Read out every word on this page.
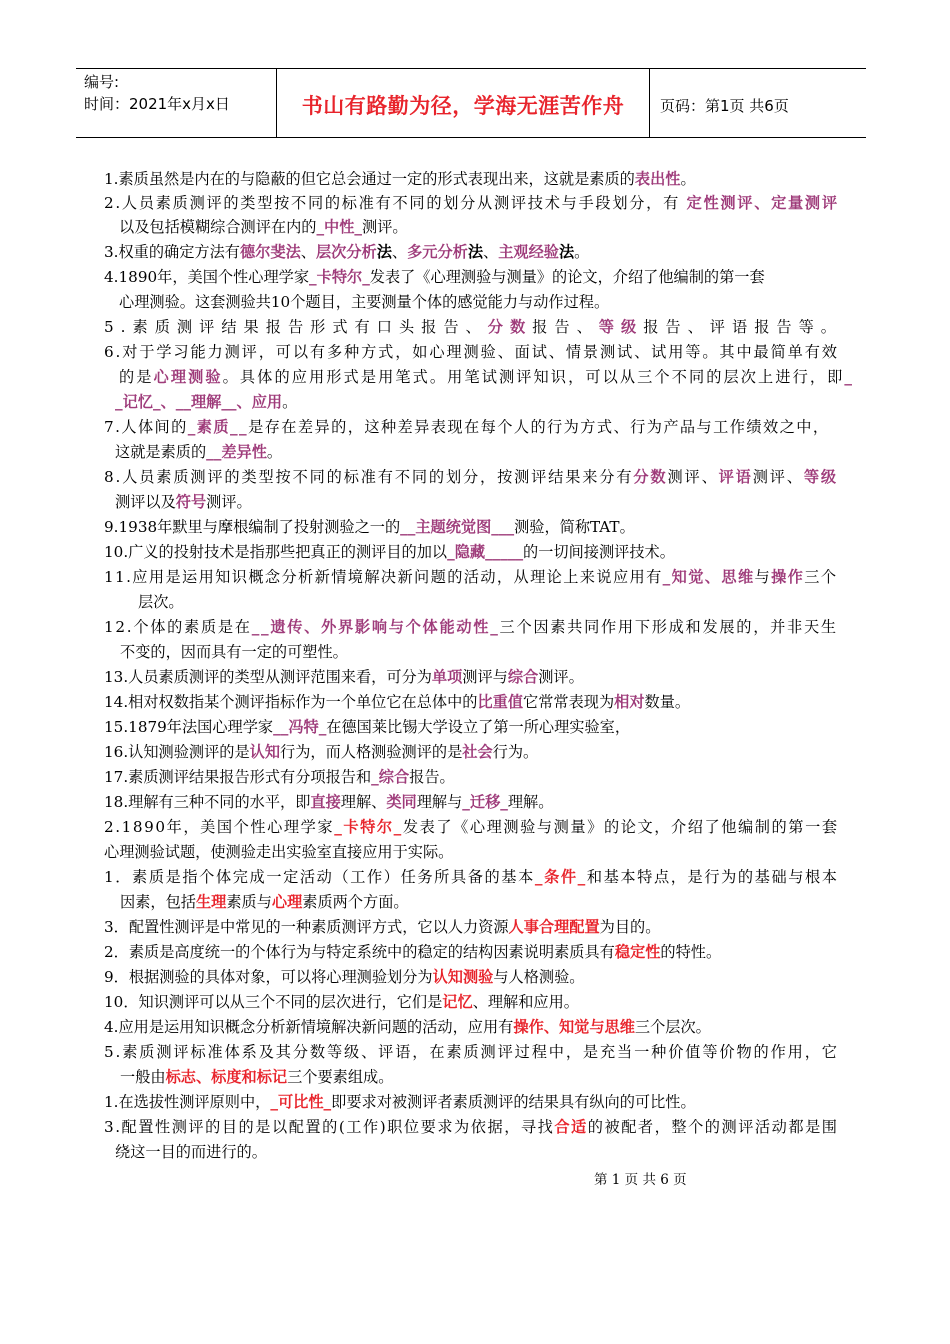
编号:
时间：2021年x月x日	书山有路勤为径，学海无涯苦作舟	页码：第1页 共6页
1.素质虽然是内在的与隐蔽的但它总会通过一定的形式表现出来，这就是素质的表出性。
2.人员素质测评的类型按不同的标准有不同的划分从测评技术与手段划分，有 定性测评、定量测评
以及包括模糊综合测评在内的_中性_测评。
3.权重的确定方法有德尔斐法、层次分析法、多元分析法、主观经验法。
4.1890年，美国个性心理学家_卡特尔_发表了《心理测验与测量》的论文，介绍了他编制的第一套
心理测验。这套测验共10个题目，主要测量个体的感觉能力与动作过程。
5.素质测评结果报告形式有口头报告、分数报告、等级报告、评语报告等。
6.对于学习能力测评，可以有多种方式，如心理测验、面试、情景测试、试用等。其中最简单有效
的是心理测验。具体的应用形式是用笔式。用笔试测评知识，可以从三个不同的层次上进行，即_
_记忆_、__理解__、应用。
7.人体间的_素质__是存在差异的，这种差异表现在每个人的行为方式、行为产品与工作绩效之中，
这就是素质的__差异性。
8.人员素质测评的类型按不同的标准有不同的划分，按测评结果来分有分数测评、评语测评、等级
测评以及符号测评。
9.1938年默里与摩根编制了投射测验之一的__主题统觉图___测验，简称TAT。
10.广义的投射技术是指那些把真正的测评目的加以_隐藏_____的一切间接测评技术。
11.应用是运用知识概念分析新情境解决新问题的活动，从理论上来说应用有_知觉、思维与操作三个
层次。
12.个体的素质是在__遗传、外界影响与个体能动性_三个因素共同作用下形成和发展的，并非天生
不变的，因而具有一定的可塑性。
13.人员素质测评的类型从测评范围来看，可分为单项测评与综合测评。
14.相对权数指某个测评指标作为一个单位它在总体中的比重值它常常表现为相对数量。
15.1879年法国心理学家__冯特_在德国莱比锡大学设立了第一所心理实验室，
16.认知测验测评的是认知行为，而人格测验测评的是社会行为。
17.素质测评结果报告形式有分项报告和_综合报告。
18.理解有三种不同的水平，即直接理解、类同理解与_迁移_理解。
2.1890年，美国个性心理学家_卡特尔_发表了《心理测验与测量》的论文，介绍了他编制的第一套
心理测验试题，使测验走出实验室直接应用于实际。
1．素质是指个体完成一定活动（工作）任务所具备的基本_条件_和基本特点，是行为的基础与根本
因素，包括生理素质与心理素质两个方面。
3．配置性测评是中常见的一种素质测评方式，它以人力资源人事合理配置为目的。
2．素质是高度统一的个体行为与特定系统中的稳定的结构因素说明素质具有稳定性的特性。
9．根据测验的具体对象，可以将心理测验划分为认知测验与人格测验。
10．知识测评可以从三个不同的层次进行，它们是记忆、理解和应用。
4.应用是运用知识概念分析新情境解决新问题的活动，应用有操作、知觉与思维三个层次。
5.素质测评标准体系及其分数等级、评语，在素质测评过程中，是充当一种价值等价物的作用，它
一般由标志、标度和标记三个要素组成。
1.在选拔性测评原则中，_可比性_即要求对被测评者素质测评的结果具有纵向的可比性。
3.配置性测评的目的是以配置的(工作)职位要求为依据，寻找合适的被配者，整个的测评活动都是围
绕这一目的而进行的。
第 1 页 共 6 页
